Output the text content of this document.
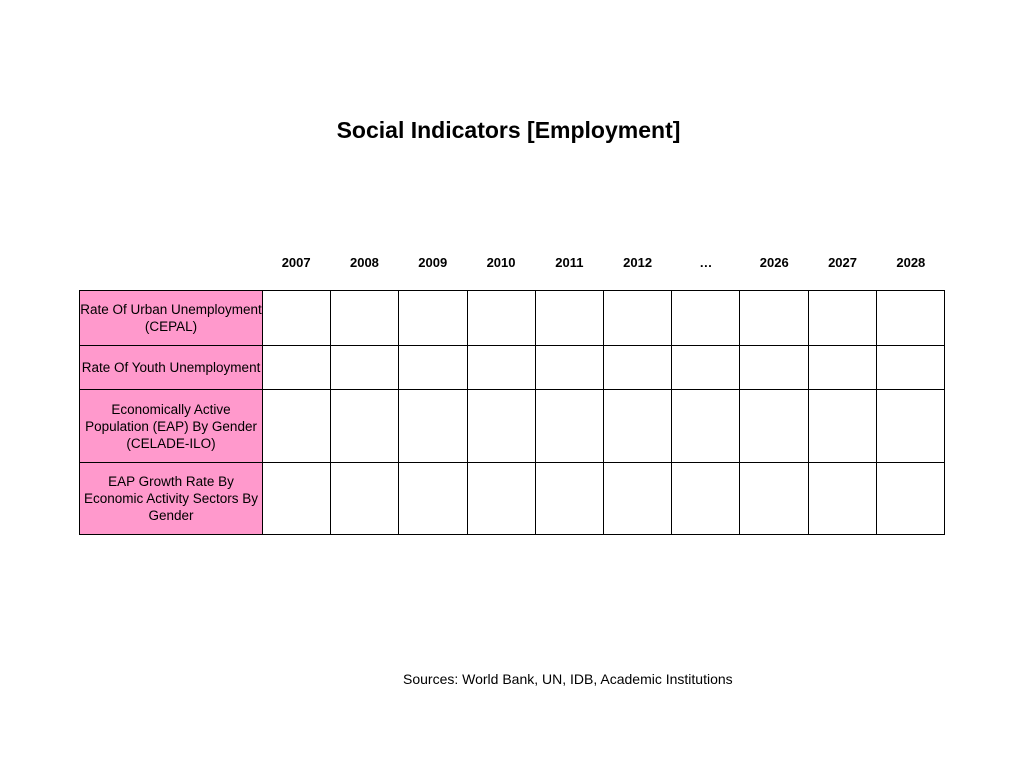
Social Indicators [Employment]
2007	2008	2009	2010	2011	2012	…	2026	2027	2028
Rate Of Urban Unemployment (CEPAL)										
Rate Of Youth Unemployment										
Economically Active Population (EAP) By Gender (CELADE-ILO)										
EAP Growth Rate By Economic Activity Sectors By Gender										
Sources: World Bank, UN, IDB, Academic Institutions
